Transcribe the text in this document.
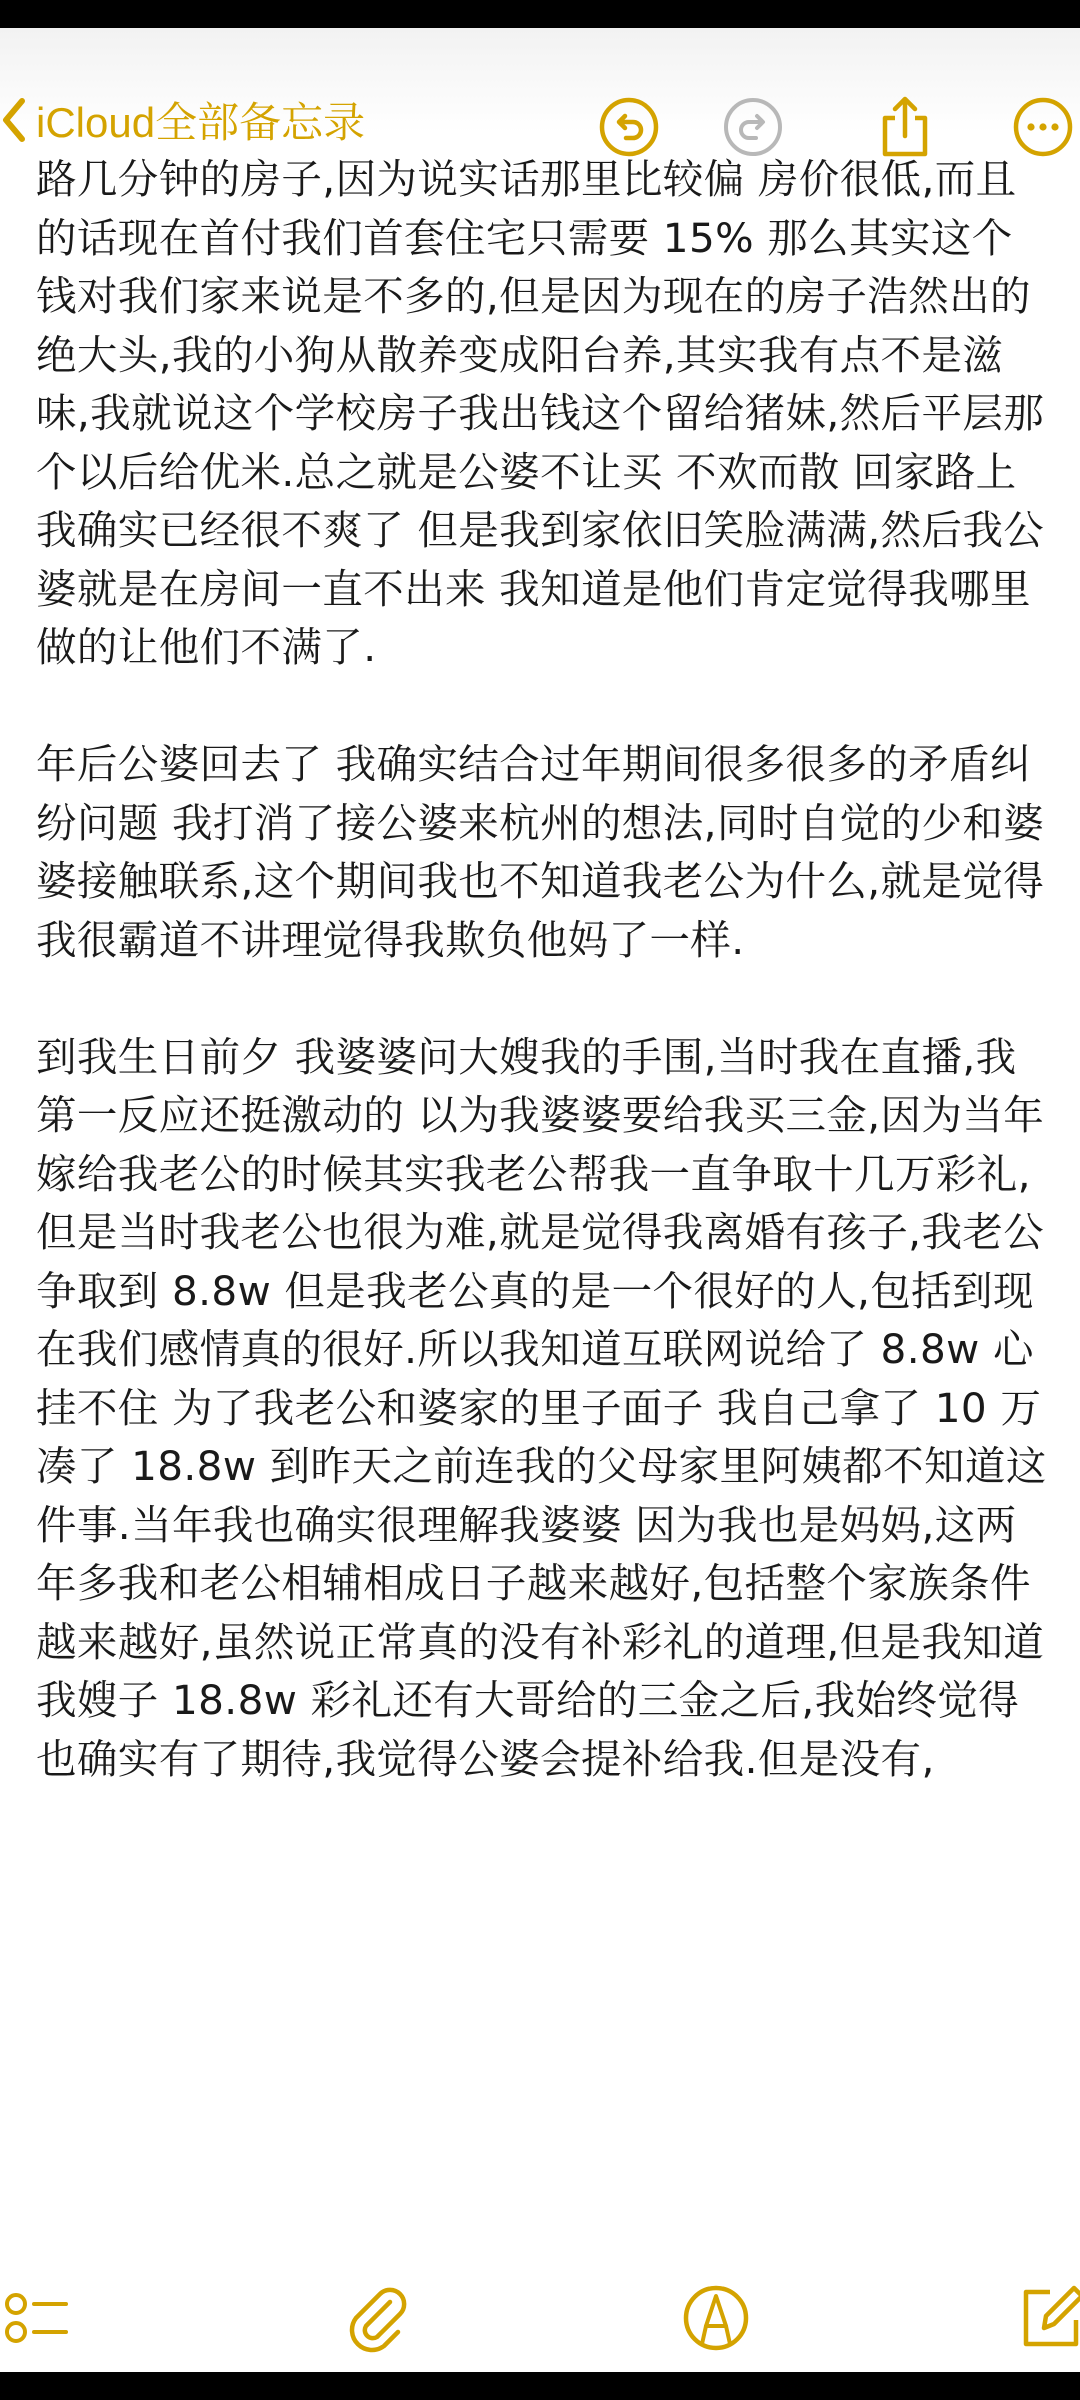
iCloud全部备忘录

路几分钟的房子,因为说实话那里比较偏 房价很低,而且的话现在首付我们首套住宅只需要 15% 那么其实这个钱对我们家来说是不多的,但是因为现在的房子浩然出的绝大头,我的小狗从散养变成阳台养,其实我有点不是滋味,我就说这个学校房子我出钱这个留给猪妹,然后平层那个以后给优米.总之就是公婆不让买 不欢而散 回家路上我确实已经很不爽了 但是我到家依旧笑脸满满,然后我公婆就是在房间一直不出来 我知道是他们肯定觉得我哪里做的让他们不满了.

年后公婆回去了 我确实结合过年期间很多很多的矛盾纠纷问题 我打消了接公婆来杭州的想法,同时自觉的少和婆婆接触联系,这个期间我也不知道我老公为什么,就是觉得我很霸道不讲理觉得我欺负他妈了一样.

到我生日前夕 我婆婆问大嫂我的手围,当时我在直播,我第一反应还挺激动的 以为我婆婆要给我买三金,因为当年嫁给我老公的时候其实我老公帮我一直争取十几万彩礼,但是当时我老公也很为难,就是觉得我离婚有孩子,我老公争取到 8.8w 但是我老公真的是一个很好的人,包括到现在我们感情真的很好.所以我知道互联网说给了 8.8w 心挂不住 为了我老公和婆家的里子面子 我自己拿了 10 万凑了 18.8w 到昨天之前连我的父母家里阿姨都不知道这件事.当年我也确实很理解我婆婆 因为我也是妈妈,这两年多我和老公相辅相成日子越来越好,包括整个家族条件越来越好,虽然说正常真的没有补彩礼的道理,但是我知道我嫂子 18.8w 彩礼还有大哥给的三金之后,我始终觉得也确实有了期待,我觉得公婆会提补给我.但是没有,
